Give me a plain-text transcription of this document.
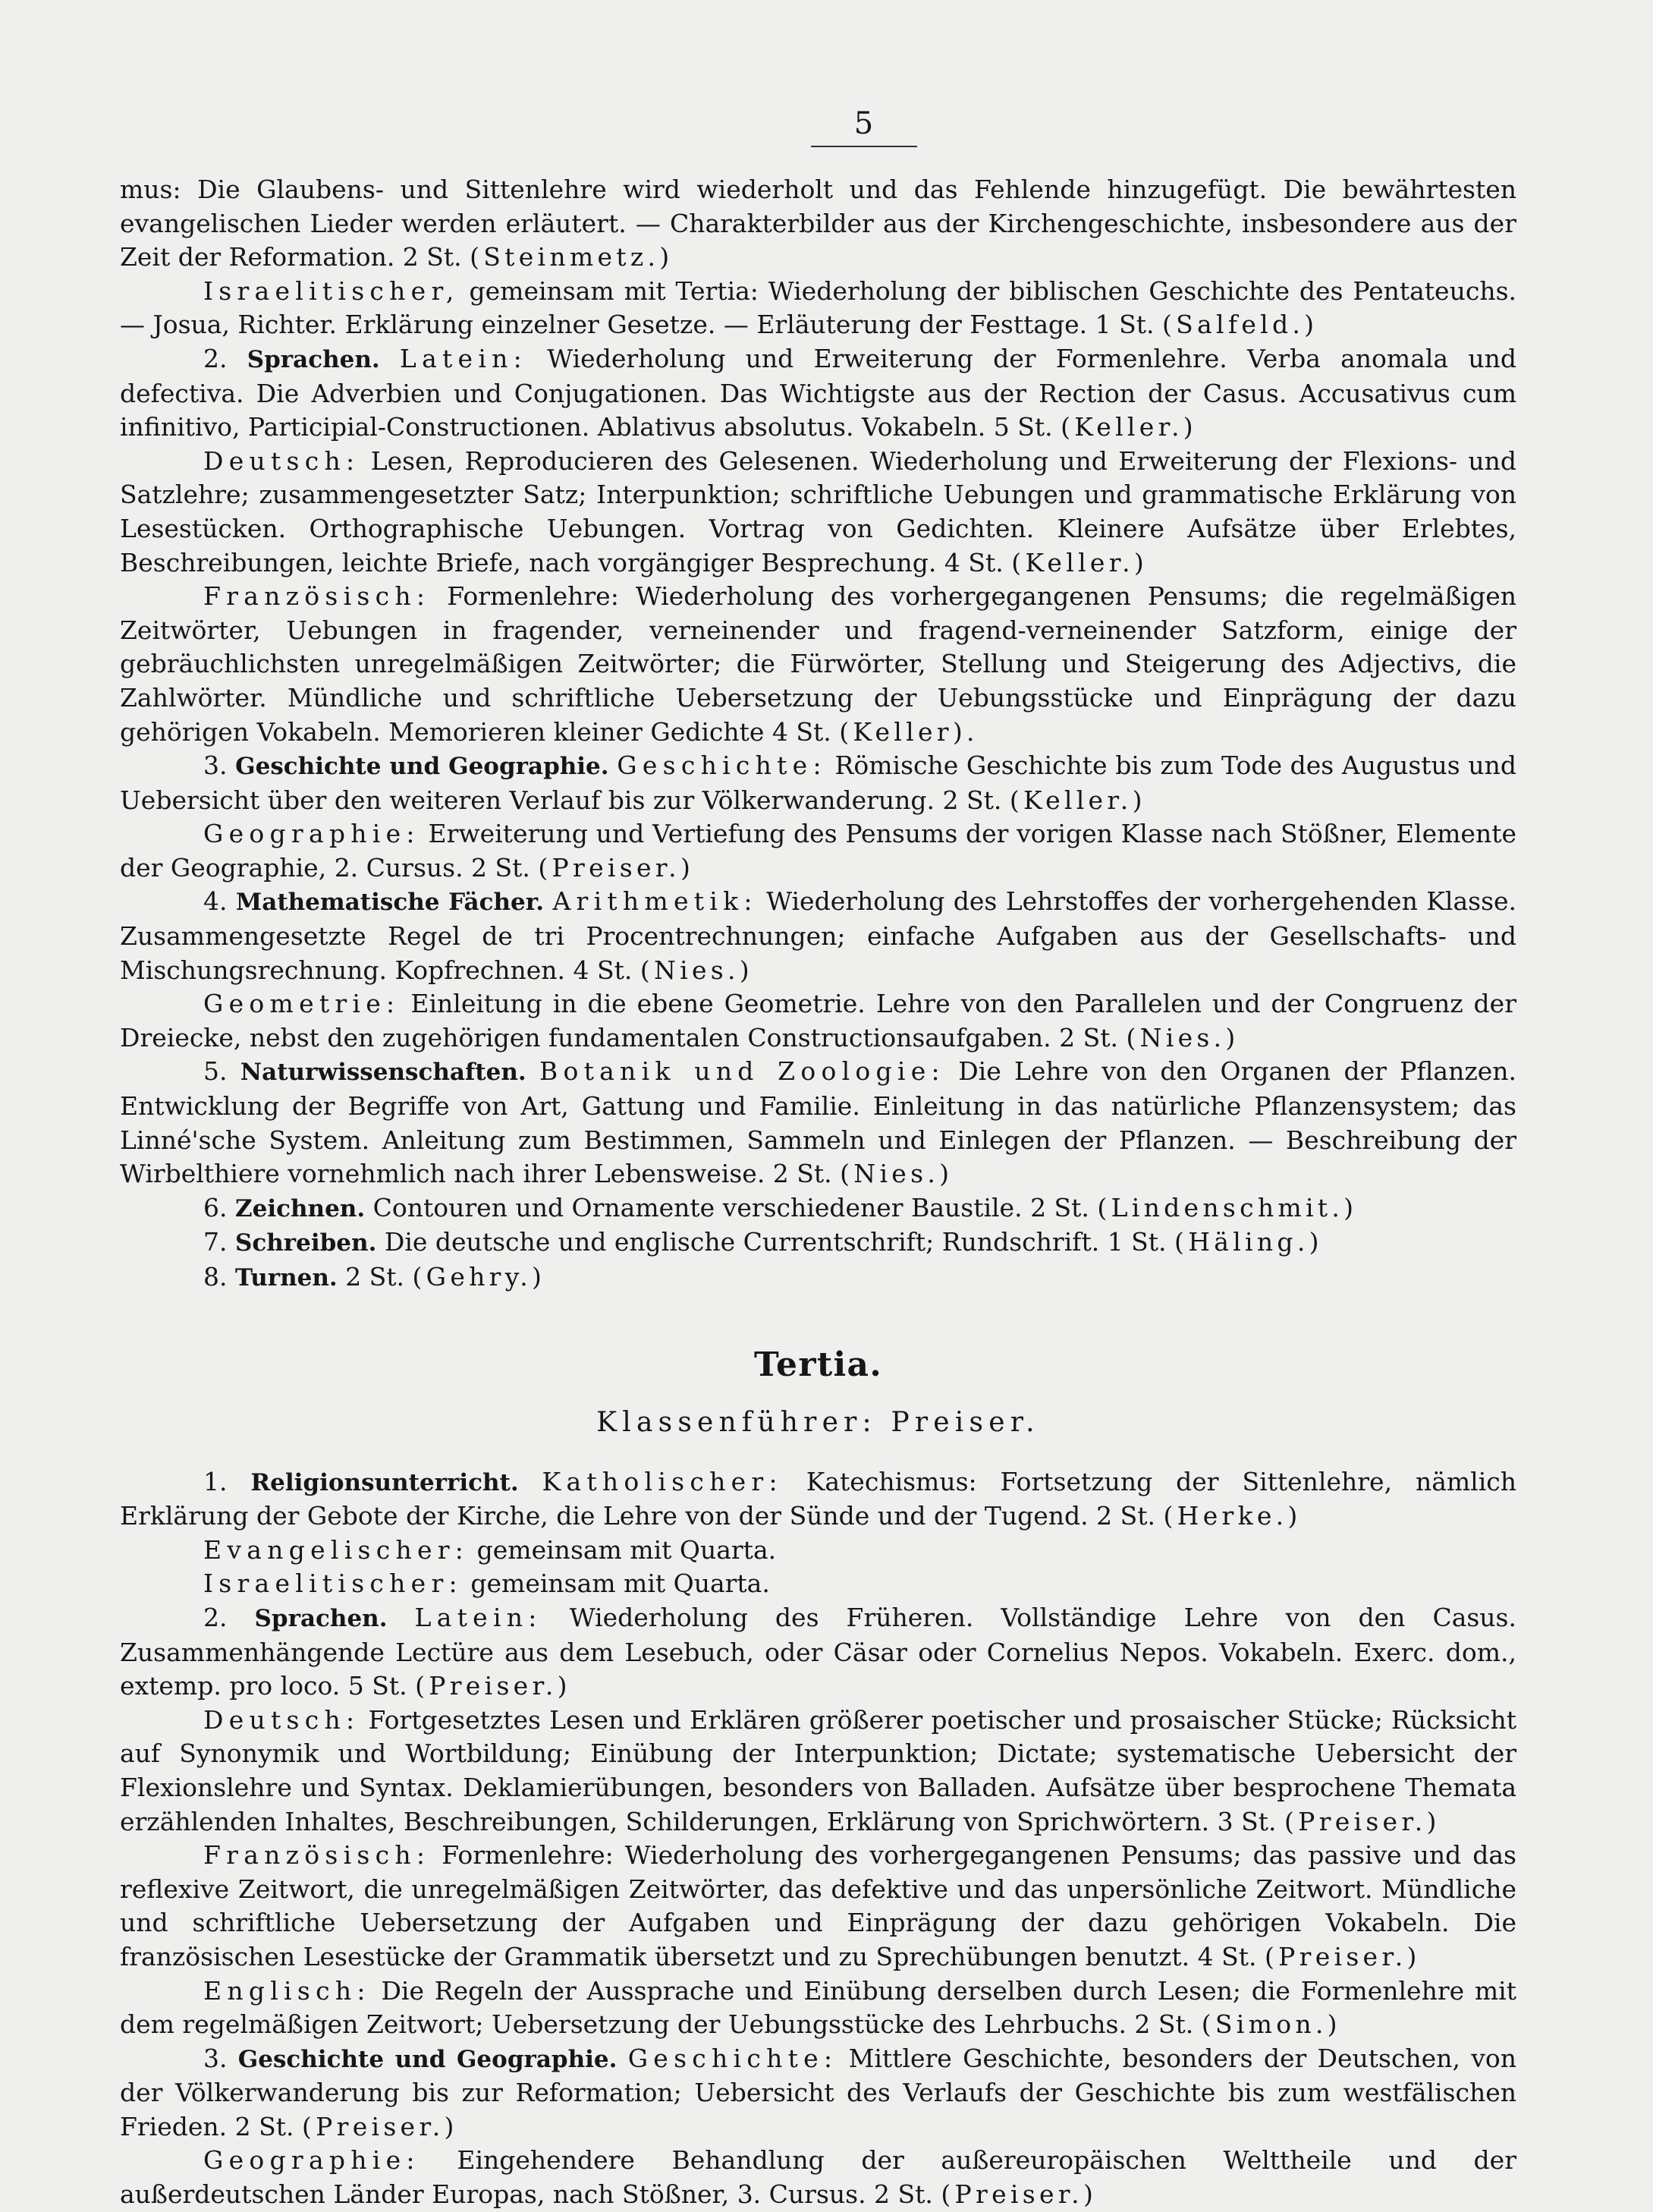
5

mus: Die Glaubens- und Sittenlehre wird wiederholt und das Fehlende hinzugefügt. Die bewährtesten evangelischen Lieder werden erläutert. — Charakterbilder aus der Kirchengeschichte, insbesondere aus der Zeit der Reformation. 2 St. (Steinmetz.)

Israelitischer, gemeinsam mit Tertia: Wiederholung der biblischen Geschichte des Pentateuchs. — Josua, Richter. Erklärung einzelner Gesetze. — Erläuterung der Festtage. 1 St. (Salfeld.)

2. Sprachen. Latein: Wiederholung und Erweiterung der Formenlehre. Verba anomala und defectiva. Die Adverbien und Conjugationen. Das Wichtigste aus der Rection der Casus. Accusativus cum infinitivo, Participial-Constructionen. Ablativus absolutus. Vokabeln. 5 St. (Keller.)

Deutsch: Lesen, Reproducieren des Gelesenen. Wiederholung und Erweiterung der Flexions- und Satzlehre; zusammengesetzter Satz; Interpunktion; schriftliche Uebungen und grammatische Erklärung von Lesestücken. Orthographische Uebungen. Vortrag von Gedichten. Kleinere Aufsätze über Erlebtes, Beschreibungen, leichte Briefe, nach vorgängiger Besprechung. 4 St. (Keller.)

Französisch: Formenlehre: Wiederholung des vorhergegangenen Pensums; die regelmäßigen Zeitwörter, Uebungen in fragender, verneinender und fragend-verneinender Satzform, einige der gebräuchlichsten unregelmäßigen Zeitwörter; die Fürwörter, Stellung und Steigerung des Adjectivs, die Zahlwörter. Mündliche und schriftliche Uebersetzung der Uebungsstücke und Einprägung der dazu gehörigen Vokabeln. Memorieren kleiner Gedichte 4 St. (Keller).

3. Geschichte und Geographie. Geschichte: Römische Geschichte bis zum Tode des Augustus und Uebersicht über den weiteren Verlauf bis zur Völkerwanderung. 2 St. (Keller.)

Geographie: Erweiterung und Vertiefung des Pensums der vorigen Klasse nach Stößner, Elemente der Geographie, 2. Cursus. 2 St. (Preiser.)

4. Mathematische Fächer. Arithmetik: Wiederholung des Lehrstoffes der vorhergehenden Klasse. Zusammengesetzte Regel de tri Procentrechnungen; einfache Aufgaben aus der Gesellschafts- und Mischungsrechnung. Kopfrechnen. 4 St. (Nies.)

Geometrie: Einleitung in die ebene Geometrie. Lehre von den Parallelen und der Congruenz der Dreiecke, nebst den zugehörigen fundamentalen Constructionsaufgaben. 2 St. (Nies.)

5. Naturwissenschaften. Botanik und Zoologie: Die Lehre von den Organen der Pflanzen. Entwicklung der Begriffe von Art, Gattung und Familie. Einleitung in das natürliche Pflanzensystem; das Linné'sche System. Anleitung zum Bestimmen, Sammeln und Einlegen der Pflanzen. — Beschreibung der Wirbelthiere vornehmlich nach ihrer Lebensweise. 2 St. (Nies.)

6. Zeichnen. Contouren und Ornamente verschiedener Baustile. 2 St. (Lindenschmit.)

7. Schreiben. Die deutsche und englische Currentschrift; Rundschrift. 1 St. (Häling.)

8. Turnen. 2 St. (Gehry.)

Tertia.
Klassenführer: Preiser.

1. Religionsunterricht. Katholischer: Katechismus: Fortsetzung der Sittenlehre, nämlich Erklärung der Gebote der Kirche, die Lehre von der Sünde und der Tugend. 2 St. (Herke.)

Evangelischer: gemeinsam mit Quarta.

Israelitischer: gemeinsam mit Quarta.

2. Sprachen. Latein: Wiederholung des Früheren. Vollständige Lehre von den Casus. Zusammenhängende Lectüre aus dem Lesebuch, oder Cäsar oder Cornelius Nepos. Vokabeln. Exerc. dom., extemp. pro loco. 5 St. (Preiser.)

Deutsch: Fortgesetztes Lesen und Erklären größerer poetischer und prosaischer Stücke; Rücksicht auf Synonymik und Wortbildung; Einübung der Interpunktion; Dictate; systematische Uebersicht der Flexionslehre und Syntax. Deklamierübungen, besonders von Balladen. Aufsätze über besprochene Themata erzählenden Inhaltes, Beschreibungen, Schilderungen, Erklärung von Sprichwörtern. 3 St. (Preiser.)

Französisch: Formenlehre: Wiederholung des vorhergegangenen Pensums; das passive und das reflexive Zeitwort, die unregelmäßigen Zeitwörter, das defektive und das unpersönliche Zeitwort. Mündliche und schriftliche Uebersetzung der Aufgaben und Einprägung der dazu gehörigen Vokabeln. Die französischen Lesestücke der Grammatik übersetzt und zu Sprechübungen benutzt. 4 St. (Preiser.)

Englisch: Die Regeln der Aussprache und Einübung derselben durch Lesen; die Formenlehre mit dem regelmäßigen Zeitwort; Uebersetzung der Uebungsstücke des Lehrbuchs. 2 St. (Simon.)

3. Geschichte und Geographie. Geschichte: Mittlere Geschichte, besonders der Deutschen, von der Völkerwanderung bis zur Reformation; Uebersicht des Verlaufs der Geschichte bis zum westfälischen Frieden. 2 St. (Preiser.)

Geographie: Eingehendere Behandlung der außereuropäischen Welttheile und der außerdeutschen Länder Europas, nach Stößner, 3. Cursus. 2 St. (Preiser.)
